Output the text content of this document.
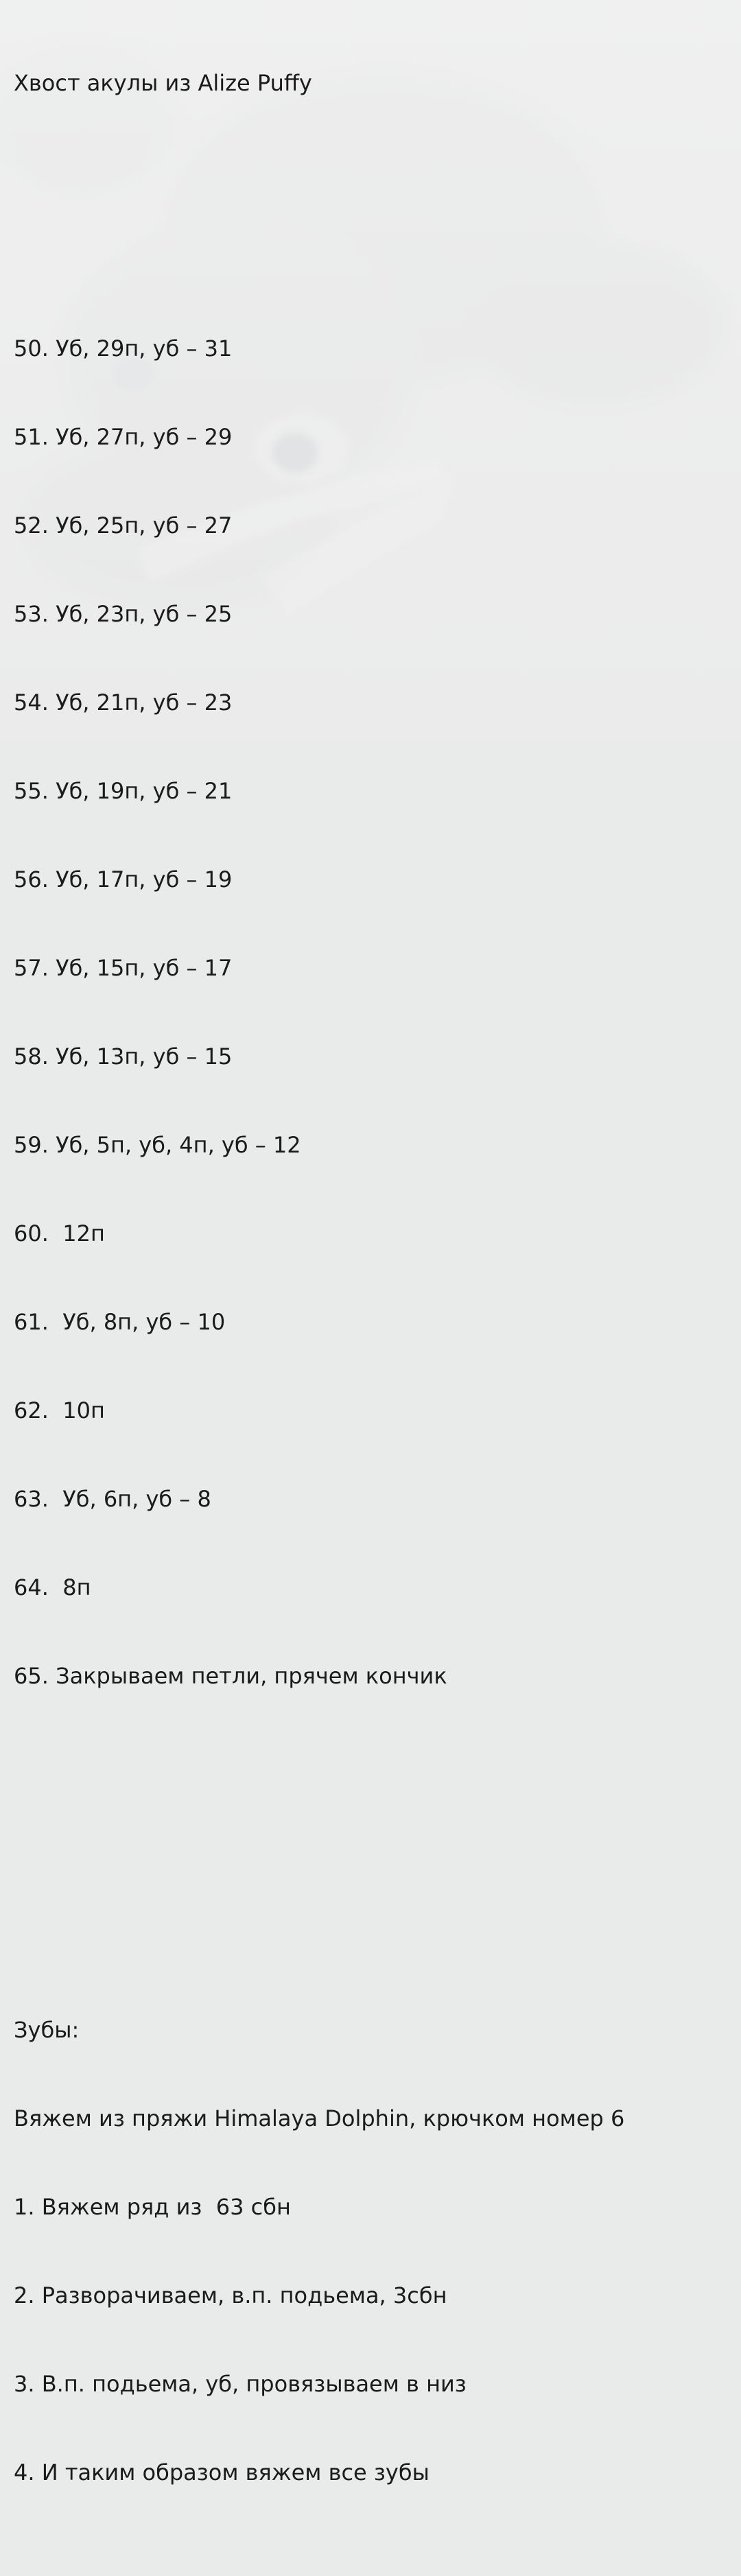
Хвост акулы из Alize Puffy

50. Уб, 29п, уб – 31

51. Уб, 27п, уб – 29

52. Уб, 25п, уб – 27

53. Уб, 23п, уб – 25

54. Уб, 21п, уб – 23

55. Уб, 19п, уб – 21

56. Уб, 17п, уб – 19

57. Уб, 15п, уб – 17

58. Уб, 13п, уб – 15

59. Уб, 5п, уб, 4п, уб – 12

60.  12п

61.  Уб, 8п, уб – 10

62.  10п

63.  Уб, 6п, уб – 8

64.  8п

65. Закрываем петли, прячем кончик

Зубы:

Вяжем из пряжи Himalaya Dolphin, крючком номер 6

1. Вяжем ряд из  63 сбн

2. Разворачиваем, в.п. подьема, 3сбн

3. В.п. подьема, уб, провязываем в низ

4. И таким образом вяжем все зубы
